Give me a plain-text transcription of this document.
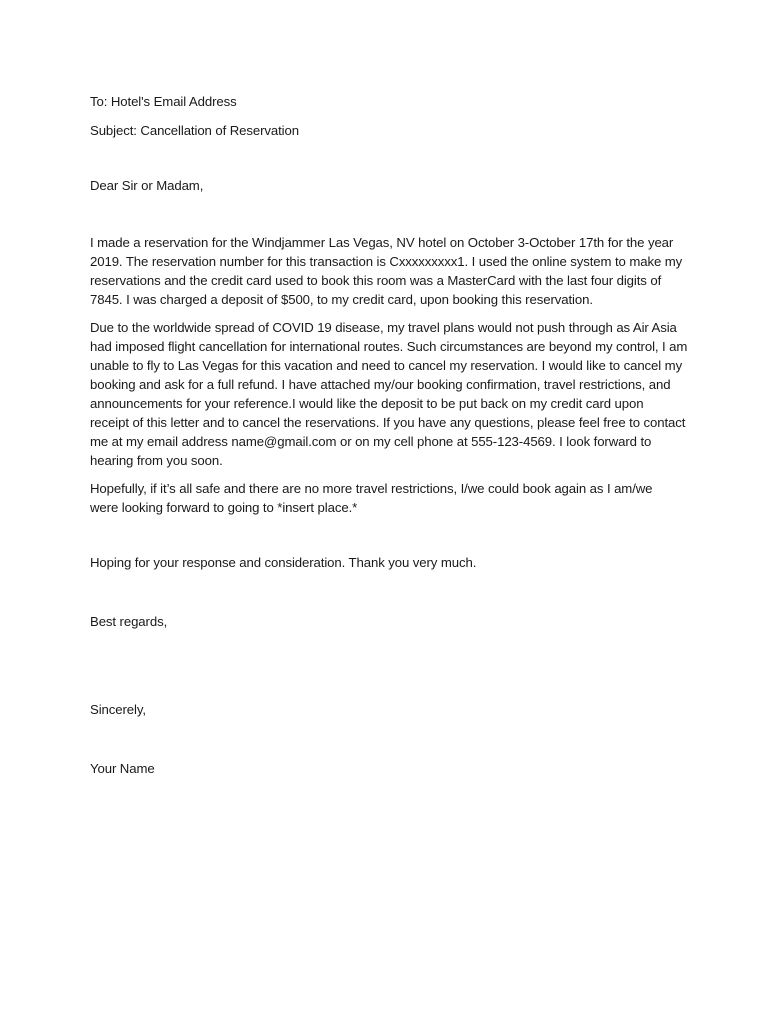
To: Hotel's Email Address

Subject: Cancellation of Reservation

Dear Sir or Madam,

I made a reservation for the Windjammer Las Vegas, NV hotel on October 3-October 17th for the year
2019. The reservation number for this transaction is Cxxxxxxxxx1. I used the online system to make my
reservations and the credit card used to book this room was a MasterCard with the last four digits of
7845. I was charged a deposit of $500, to my credit card, upon booking this reservation.
Due to the worldwide spread of COVID 19 disease, my travel plans would not push through as Air Asia
had imposed flight cancellation for international routes. Such circumstances are beyond my control, I am
unable to fly to Las Vegas for this vacation and need to cancel my reservation. I would like to cancel my
booking and ask for a full refund. I have attached my/our booking confirmation, travel restrictions, and
announcements for your reference.I would like the deposit to be put back on my credit card upon
receipt of this letter and to cancel the reservations. If you have any questions, please feel free to contact
me at my email address name@gmail.com or on my cell phone at 555-123-4569. I look forward to
hearing from you soon.
Hopefully, if it’s all safe and there are no more travel restrictions, I/we could book again as I am/we
were looking forward to going to *insert place.*

Hoping for your response and consideration. Thank you very much.

Best regards,

Sincerely,

Your Name
